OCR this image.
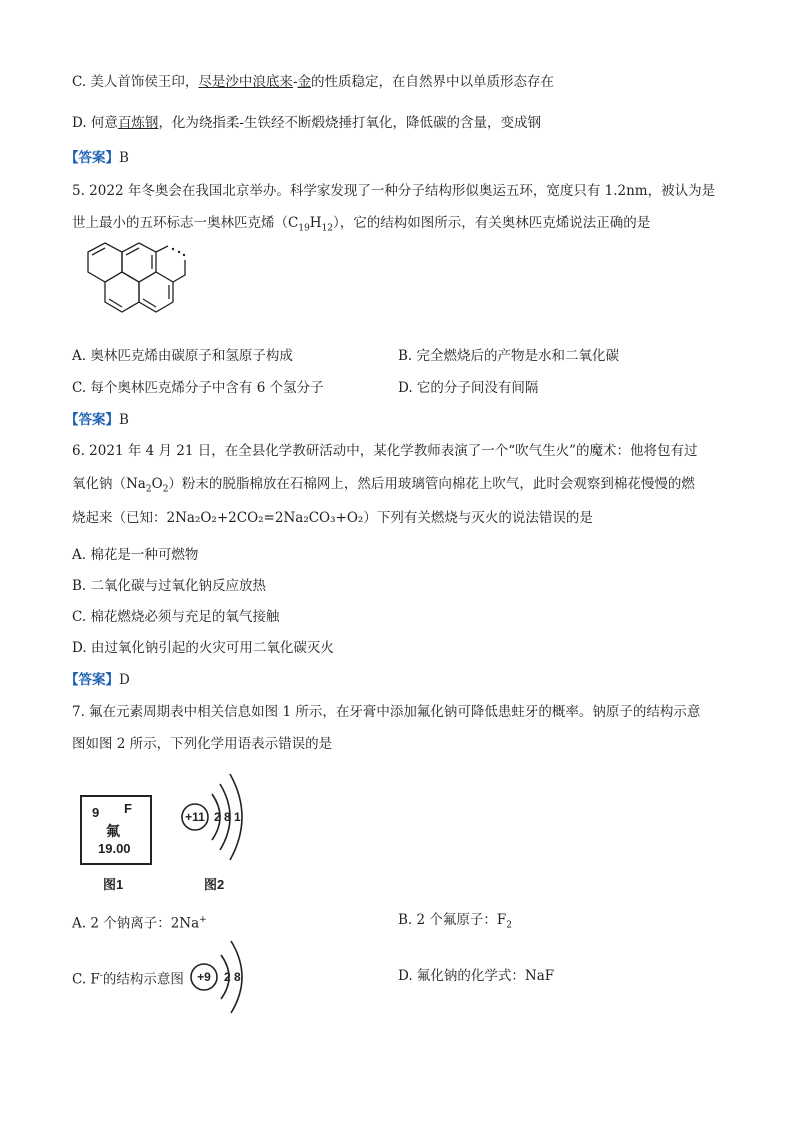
C. 美人首饰侯王印，尽是沙中浪底来-金的性质稳定，在自然界中以单质形态存在
D. 何意百炼钢，化为绕指柔-生铁经不断煅烧捶打氧化，降低碳的含量，变成钢
【答案】B
5. 2022 年冬奥会在我国北京举办。科学家发现了一种分子结构形似奥运五环，宽度只有 1.2nm，被认为是
世上最小的五环标志一奥林匹克烯$(C_{19}H_{12})$，它的结构如图所示，有关奥林匹克烯说法正确的是
A. 奥林匹克烯由碳原子和氢原子构成	B. 完全燃烧后的产物是水和二氧化碳
C. 每个奥林匹克烯分子中含有 6 个氢分子	D. 它的分子间没有间隔
【答案】B
6. 2021 年 4 月 21 日，在全县化学教研活动中，某化学教师表演了一个“吹气生火”的魔术：他将包有过
氧化钠$(Na_2O_2)$粉末的脱脂棉放在石棉网上，然后用玻璃管向棉花上吹气，此时会观察到棉花慢慢的燃
烧起来（已知：2Na₂O₂+2CO₂=2Na₂CO₃+O₂）下列有关燃烧与灭火的说法错误的是
A. 棉花是一种可燃物
B. 二氧化碳与过氧化钠反应放热
C. 棉花燃烧必须与充足的氧气接触
D. 由过氧化钠引起的火灾可用二氧化碳灭火
【答案】D
7. 氟在元素周期表中相关信息如图 1 所示，在牙膏中添加氟化钠可降低患蛀牙的概率。钠原子的结构示意
图如图 2 所示，下列化学用语表示错误的是
9 F
氟
19.00
图1
+11 2 8 1
图2
A. 2 个钠离子：2Na+	B. 2 个氟原子：$F_2$
C. F-的结构示意图 +9 2 8	D. 氟化钠的化学式：NaF
